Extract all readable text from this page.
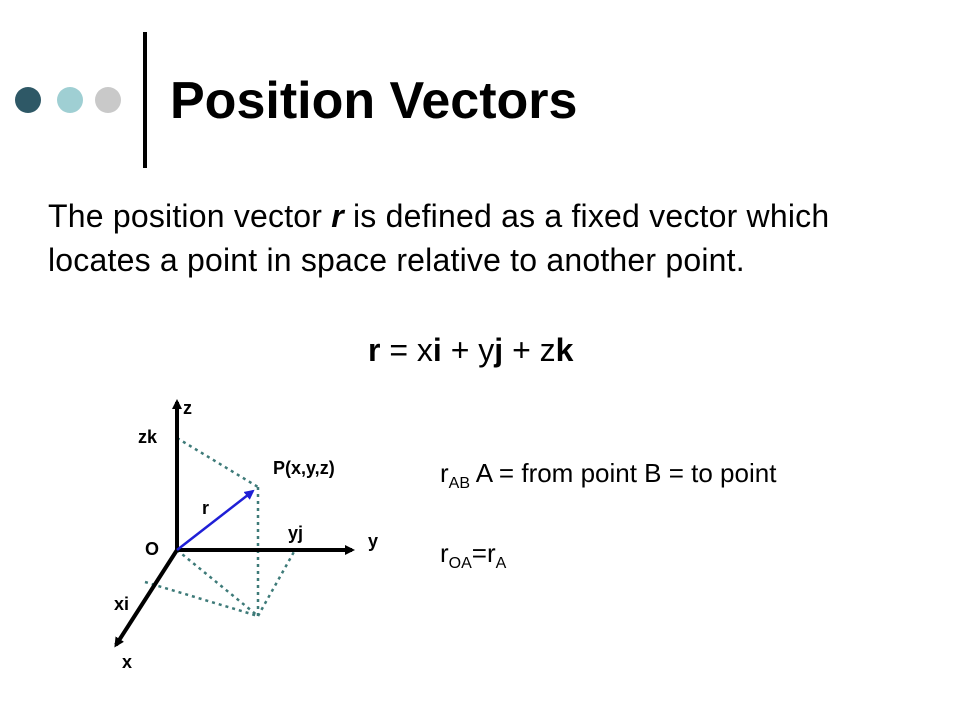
Position Vectors
The position vector r is defined as a fixed vector which locates a point in space relative to another point.
r = xi + yj + zk
z
zk
P(x,y,z)
r
yj
O	y
xi
x
$r_{AB}$ A = from point B = to point
$r_{OA}=r_A$
